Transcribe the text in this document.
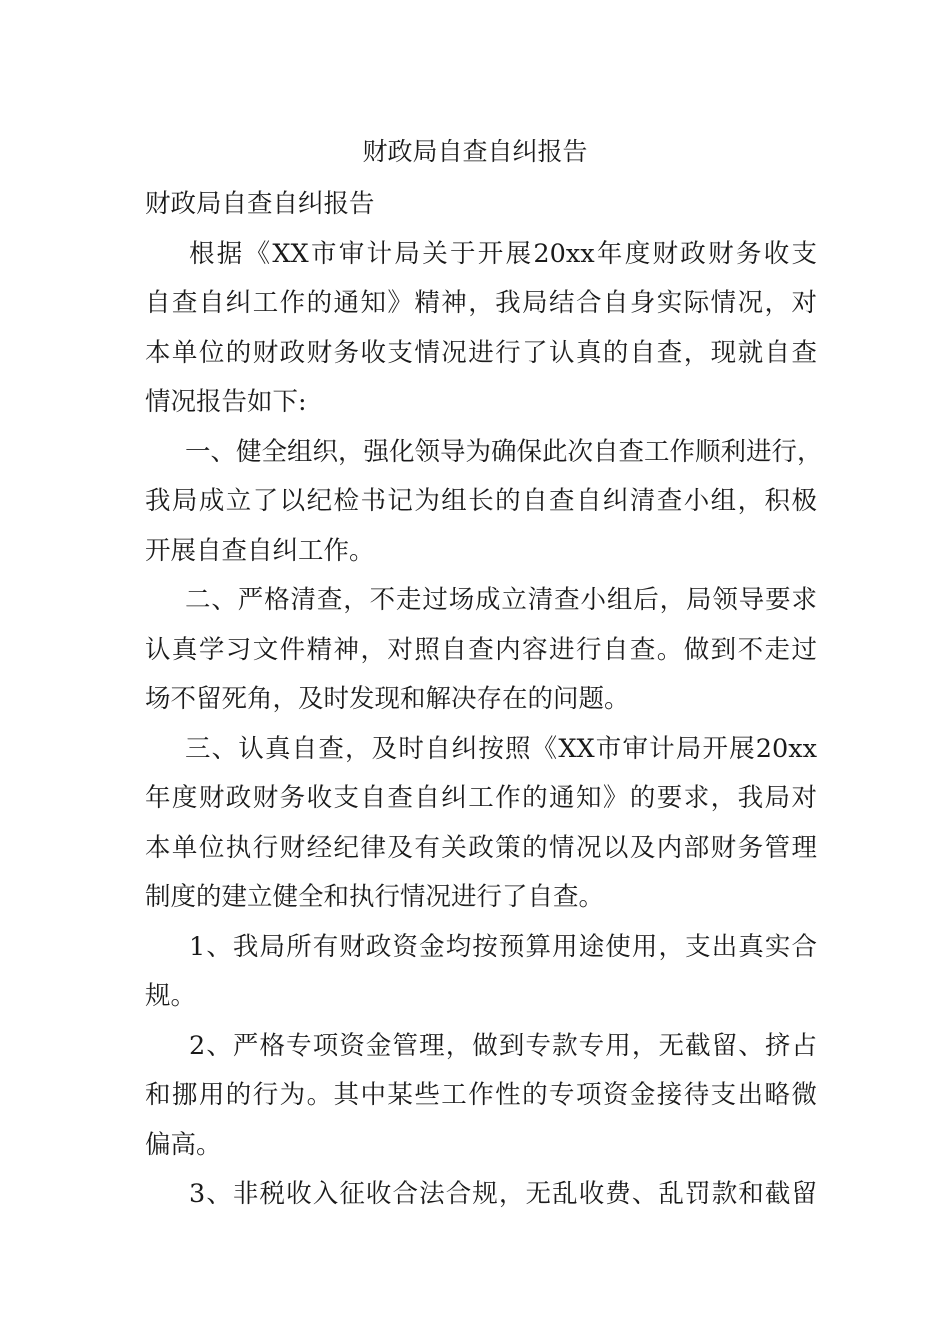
财政局自查自纠报告
财政局自查自纠报告
根据《XX市审计局关于开展20xx年度财政财务收支
自查自纠工作的通知》精神，我局结合自身实际情况，对
本单位的财政财务收支情况进行了认真的自查，现就自查
情况报告如下:
一、健全组织，强化领导为确保此次自查工作顺利进行，
我局成立了以纪检书记为组长的自查自纠清查小组，积极
开展自查自纠工作。
二、严格清查，不走过场成立清查小组后，局领导要求
认真学习文件精神，对照自查内容进行自查。做到不走过
场不留死角，及时发现和解决存在的问题。
三、认真自查，及时自纠按照《XX市审计局开展20xx
年度财政财务收支自查自纠工作的通知》的要求，我局对
本单位执行财经纪律及有关政策的情况以及内部财务管理
制度的建立健全和执行情况进行了自查。
1、我局所有财政资金均按预算用途使用，支出真实合
规。
2、严格专项资金管理，做到专款专用，无截留、挤占
和挪用的行为。其中某些工作性的专项资金接待支出略微
偏高。
3、非税收入征收合法合规，无乱收费、乱罚款和截留
